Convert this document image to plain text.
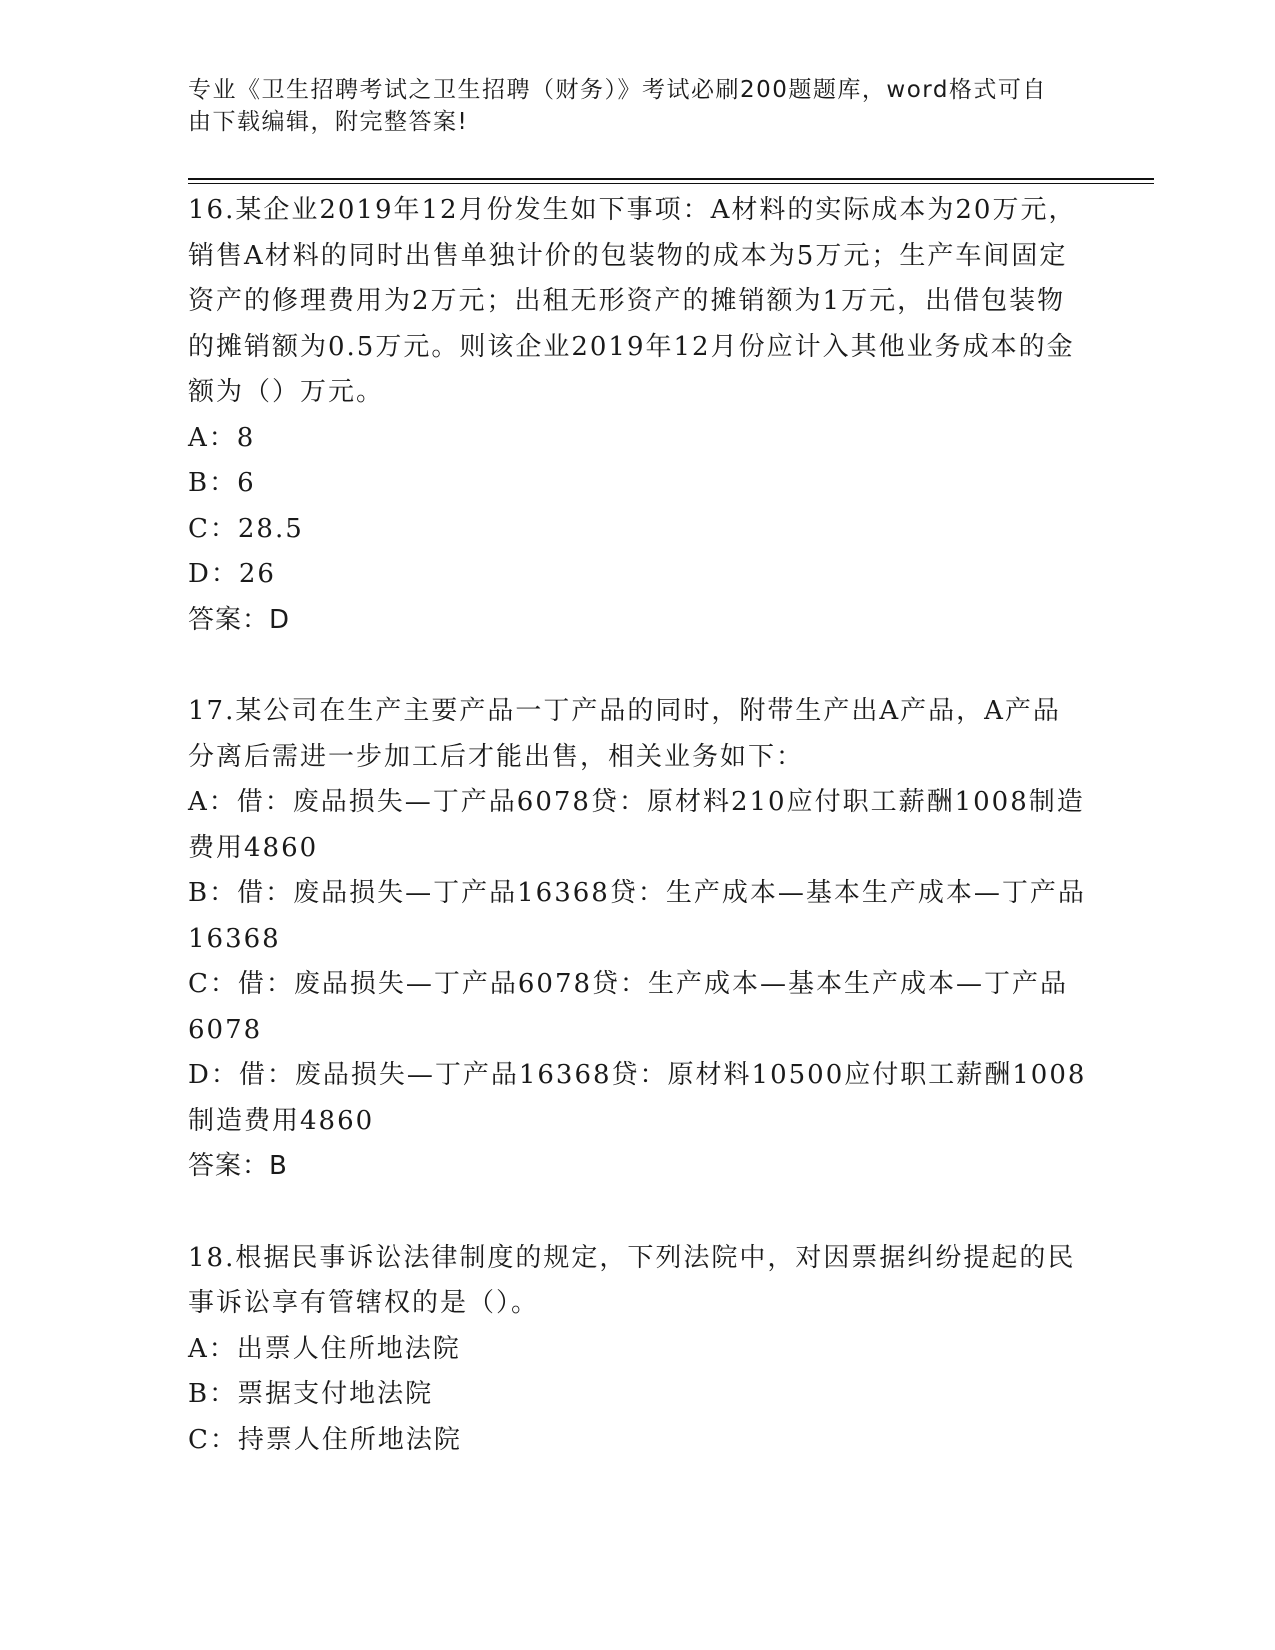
专业《卫生招聘考试之卫生招聘（财务）》考试必刷200题题库，word格式可自由下载编辑，附完整答案!

16.某企业2019年12月份发生如下事项：A材料的实际成本为20万元，销售A材料的同时出售单独计价的包装物的成本为5万元；生产车间固定资产的修理费用为2万元；出租无形资产的摊销额为1万元，出借包装物的摊销额为0.5万元。则该企业2019年12月份应计入其他业务成本的金额为（）万元。

A：8

B：6

C：28.5

D：26

答案：D

17.某公司在生产主要产品一丁产品的同时，附带生产出A产品，A产品分离后需进一步加工后才能出售，相关业务如下：

A：借：废品损失—丁产品6078贷：原材料210应付职工薪酬1008制造费用4860

B：借：废品损失—丁产品16368贷：生产成本—基本生产成本—丁产品16368

C：借：废品损失—丁产品6078贷：生产成本—基本生产成本—丁产品6078

D：借：废品损失—丁产品16368贷：原材料10500应付职工薪酬1008制造费用4860

答案：B

18.根据民事诉讼法律制度的规定，下列法院中，对因票据纠纷提起的民事诉讼享有管辖权的是（）。

A：出票人住所地法院

B：票据支付地法院

C：持票人住所地法院
